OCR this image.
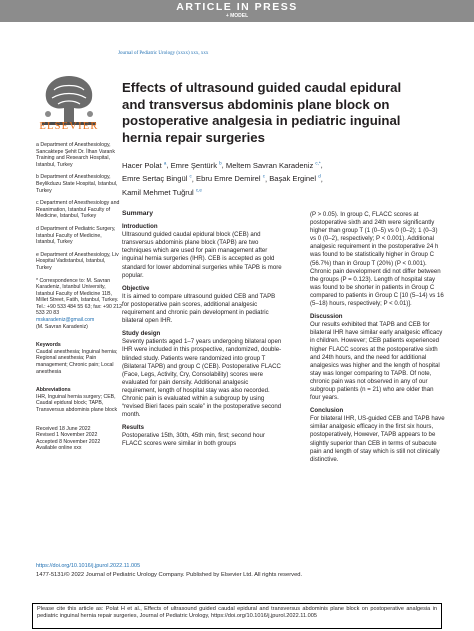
ARTICLE IN PRESS
+ MODEL
Journal of Pediatric Urology (xxxx) xxx, xxx
ELSEVIER
Effects of ultrasound guided caudal epidural and transversus abdominis plane block on postoperative analgesia in pediatric inguinal hernia repair surgeries
Hacer Polat $^a$, Emre Şentürk $^b$, Meltem Savran Karadeniz $^{c,*}$,
Emre Sertaç Bingül $^c$, Ebru Emre Demirel $^c$, Başak Erginel $^d$,
Kamil Mehmet Tuğrul $^{c,e}$
a Department of Anesthesiology, Sancaktepe Şehit Dr. İlhan Varank Training and Research Hospital, Istanbul, Turkey
b Department of Anesthesiology, Beylikduzu State Hospital, Istanbul, Turkey
c Department of Anesthesiology and Reanimation, Istanbul Faculty of Medicine, Istanbul, Turkey
d Department of Pediatric Surgery, Istanbul Faculty of Medicine, Istanbul, Turkey
e Department of Anesthesiology, Liv Hospital Vadistanbul, Istanbul, Turkey
* Correspondence to: M. Savran Karadeniz, Istanbul University, Istanbul Faculty of Medicine 11B, Millet Street, Fatih, Istanbul, Turkey. Tel.: +90 533 484 55 63; fax: +90 212 533 20 83
mskaradeniz@gmail.com
(M. Savran Karadeniz)
Keywords
Caudal anesthesia; Inguinal hernia; Regional anesthesia; Pain management; Chronic pain; Local anesthesia
Abbreviations
IHR, Inguinal hernia surgery; CEB, Caudal epidural block; TAPB, Transversus abdominis plane block
Received 18 June 2022
Revised 1 November 2022
Accepted 8 November 2022
Available online xxx
Summary
Introduction

Ultrasound guided caudal epidural block (CEB) and transversus abdominis plane block (TAPB) are two techniques which are used for pain management after inguinal hernia surgeries (IHR). CEB is accepted as gold standard for lower abdominal surgeries while TAPB is more popular.

Objective

It is aimed to compare ultrasound guided CEB and TAPB for postoperative pain scores, additional analgesic requirement and chronic pain development in pediatric bilateral open IHR.

Study design

Seventy patients aged 1–7 years undergoing bilateral open IHR were included in this prospective, randomized, double-blinded study. Patients were randomized into group T (Bilateral TAPB) and group C (CEB). Postoperative FLACC (Face, Legs, Activity, Cry, Consolability) scores were evaluated for pain density. Additional analgesic requirement, length of hospital stay was also recorded. Chronic pain is evaluated within a subgroup by using “revised Bieri faces pain scale” in the postoperative second month.

Results

Postoperative 15th, 30th, 45th min, first; second hour FLACC scores were similar in both groups

(P > 0.05). In group C, FLACC scores at postoperative sixth and 24th were significantly higher than group T (1 (0–5) vs 0 (0–2); 1 (0–3) vs 0 (0–2), respectively; P < 0.001). Additional analgesic requirement in the postoperative 24 h was found to be statistically higher in Group C (56.7%) than in Group T (20%) (P < 0.001). Chronic pain development did not differ between the groups (P = 0.123). Length of hospital stay was found to be shorter in patients in Group C compared to patients in Group C [10 (5–14) vs 16 (5–18) hours, respectively; P < 0.01)].

Discussion

Our results exhibited that TAPB and CEB for bilateral IHR have similar early analgesic efficacy in children. However; CEB patients experienced higher FLACC scores at the postoperative sixth and 24th hours, and the need for additional analgesics was higher and the length of hospital stay was longer comparing to TAPB. Of note, chronic pain was not observed in any of our subgroup patients (n = 21) who are older than four years.

Conclusion

For bilateral IHR, US-guided CEB and TAPB have similar analgesic efficacy in the first six hours, postoperatively, However, TAPB appears to be slightly superior than CEB in terms of subacute pain and length of stay which is still not clinically distinctive.

https://doi.org/10.1016/j.jpurol.2022.11.005
1477-5131/© 2022 Journal of Pediatric Urology Company. Published by Elsevier Ltd. All rights reserved.
Please cite this article as: Polat H et al., Effects of ultrasound guided caudal epidural and transversus abdominis plane block on postoperative analgesia in pediatric inguinal hernia repair surgeries, Journal of Pediatric Urology, https://doi.org/10.1016/j.jpurol.2022.11.005
